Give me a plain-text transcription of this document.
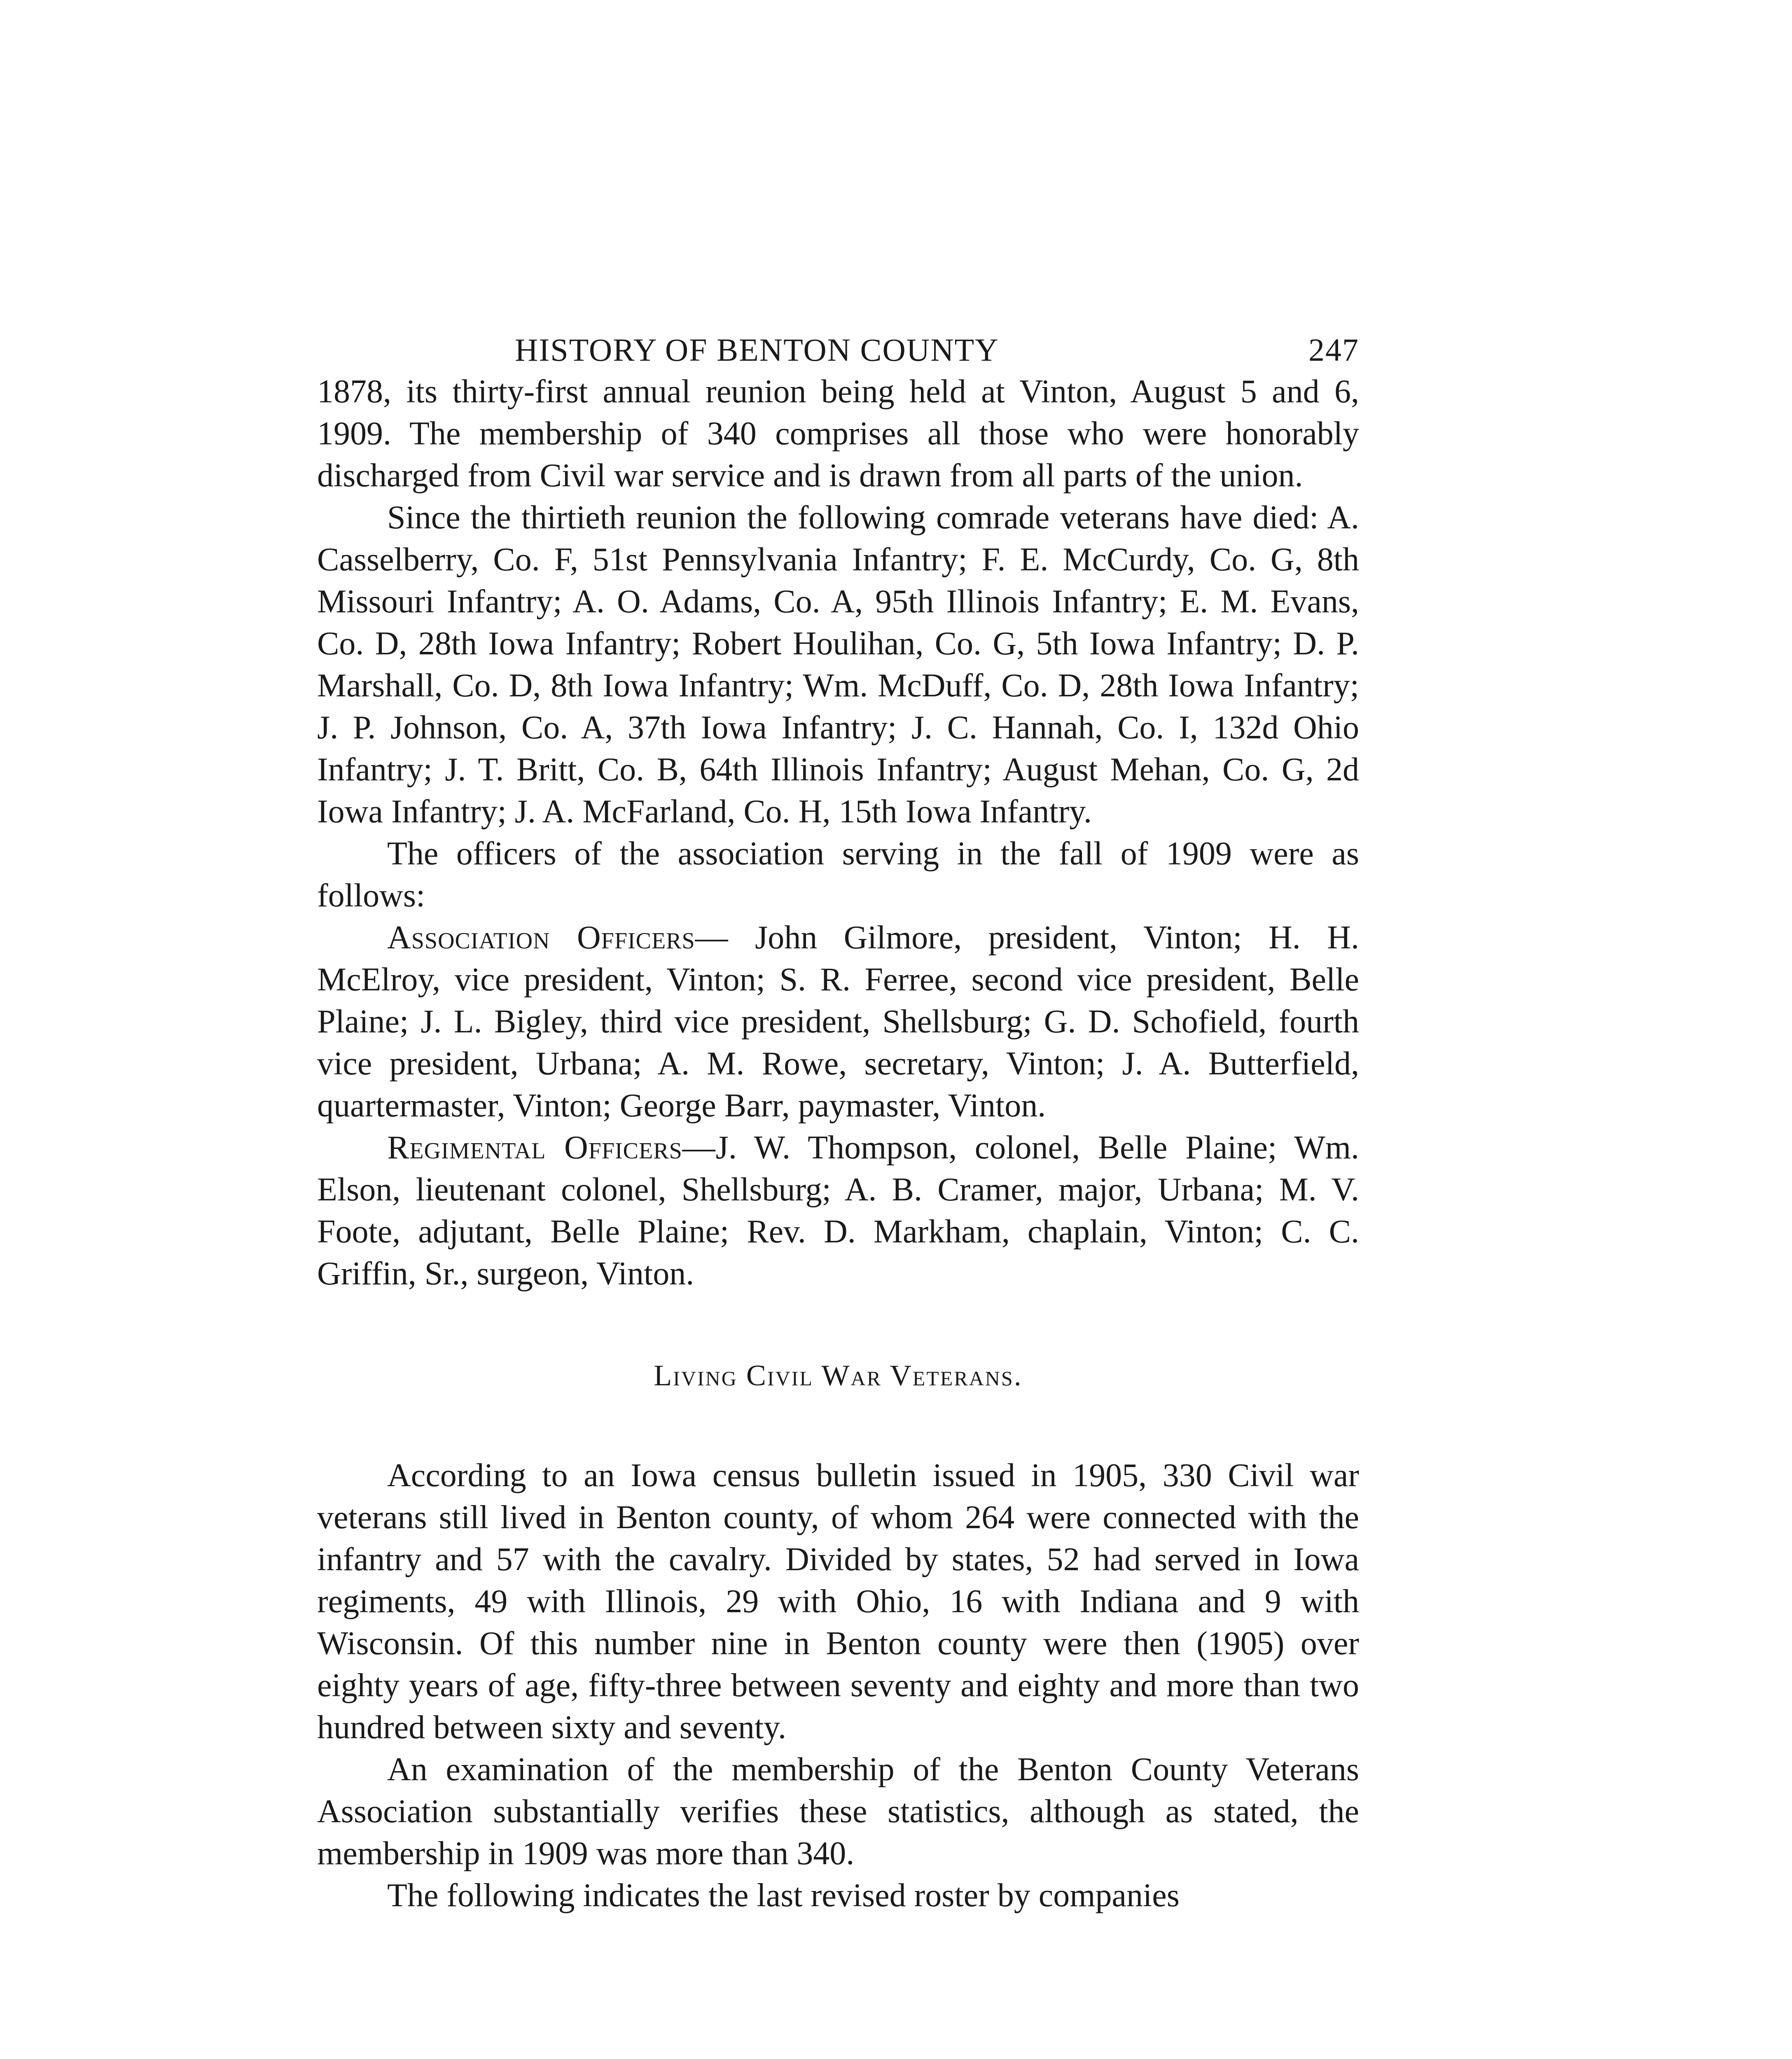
HISTORY OF BENTON COUNTY	247

1878, its thirty-first annual reunion being held at Vinton, August 5 and 6, 1909. The membership of 340 comprises all those who were honorably discharged from Civil war service and is drawn from all parts of the union.

Since the thirtieth reunion the following comrade veterans have died: A. Casselberry, Co. F, 51st Pennsylvania Infantry; F. E. McCurdy, Co. G, 8th Missouri Infantry; A. O. Adams, Co. A, 95th Illinois Infantry; E. M. Evans, Co. D, 28th Iowa Infantry; Robert Houlihan, Co. G, 5th Iowa Infantry; D. P. Marshall, Co. D, 8th Iowa Infantry; Wm. McDuff, Co. D, 28th Iowa Infantry; J. P. Johnson, Co. A, 37th Iowa Infantry; J. C. Hannah, Co. I, 132d Ohio Infantry; J. T. Britt, Co. B, 64th Illinois Infantry; August Mehan, Co. G, 2d Iowa Infantry; J. A. McFarland, Co. H, 15th Iowa Infantry.

The officers of the association serving in the fall of 1909 were as follows:

Association Officers— John Gilmore, president, Vinton; H. H. McElroy, vice president, Vinton; S. R. Ferree, second vice president, Belle Plaine; J. L. Bigley, third vice president, Shellsburg; G. D. Schofield, fourth vice president, Urbana; A. M. Rowe, secretary, Vinton; J. A. Butterfield, quartermaster, Vinton; George Barr, paymaster, Vinton.

Regimental Officers—J. W. Thompson, colonel, Belle Plaine; Wm. Elson, lieutenant colonel, Shellsburg; A. B. Cramer, major, Urbana; M. V. Foote, adjutant, Belle Plaine; Rev. D. Markham, chaplain, Vinton; C. C. Griffin, Sr., surgeon, Vinton.

Living Civil War Veterans.

According to an Iowa census bulletin issued in 1905, 330 Civil war veterans still lived in Benton county, of whom 264 were connected with the infantry and 57 with the cavalry. Divided by states, 52 had served in Iowa regiments, 49 with Illinois, 29 with Ohio, 16 with Indiana and 9 with Wisconsin. Of this number nine in Benton county were then (1905) over eighty years of age, fifty-three between seventy and eighty and more than two hundred between sixty and seventy.

An examination of the membership of the Benton County Veterans Association substantially verifies these statistics, although as stated, the membership in 1909 was more than 340.

The following indicates the last revised roster by companies
